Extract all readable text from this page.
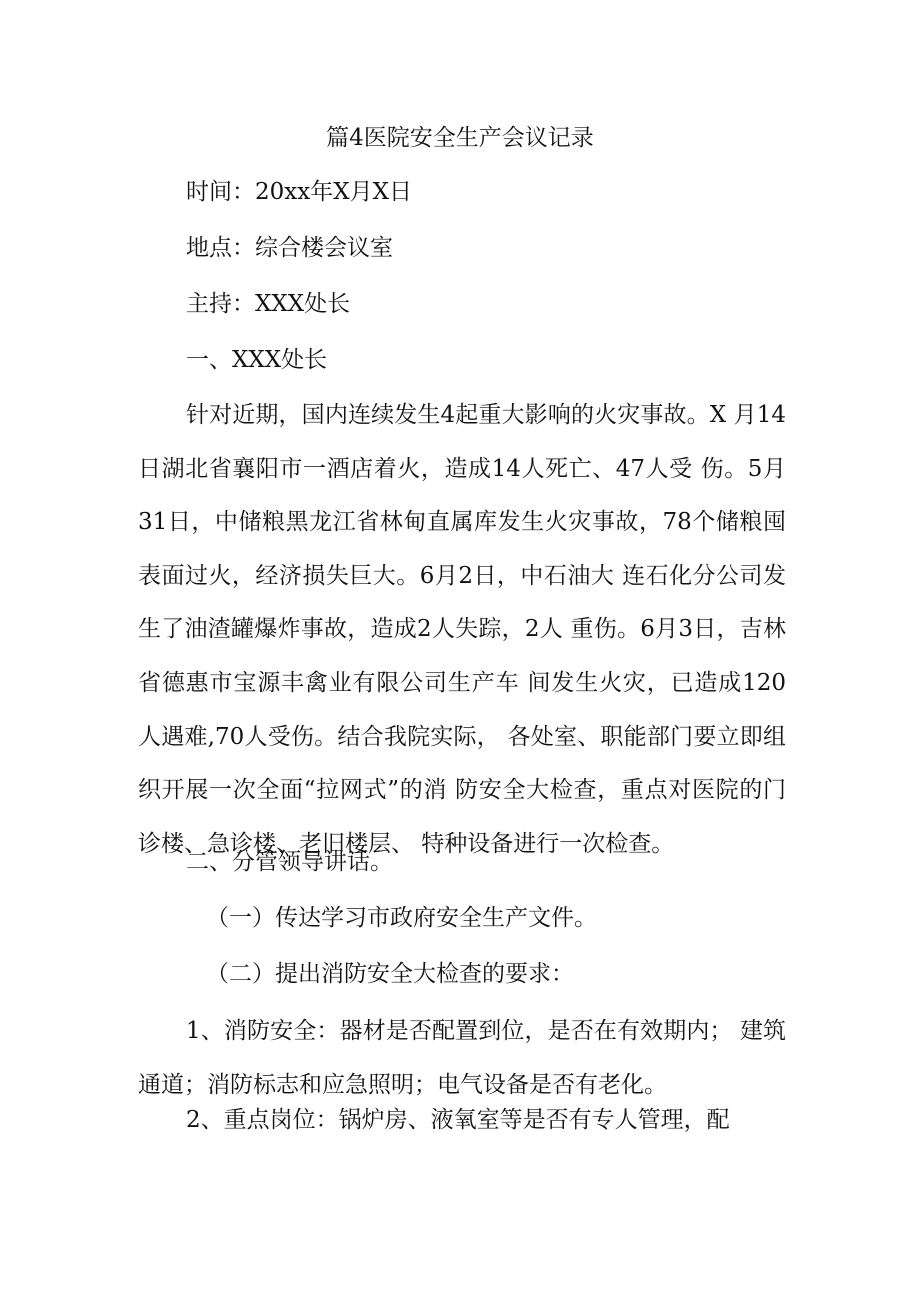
篇4医院安全生产会议记录
时间：20xx年X月X日
地点：综合楼会议室
主持：XXX处长
一、XXX处长
针对近期，国内连续发生4起重大影响的火灾事故。X 月14日湖北省襄阳市一酒店着火，造成14人死亡、47人受 伤。5月31日，中储粮黑龙江省林甸直属库发生火灾事故，78个储粮囤表面过火，经济损失巨大。6月2日，中石油大 连石化分公司发生了油渣罐爆炸事故，造成2人失踪，2人 重伤。6月3日，吉林省德惠市宝源丰禽业有限公司生产车 间发生火灾，已造成120人遇难,70人受伤。结合我院实际， 各处室、职能部门要立即组织开展一次全面“拉网式”的消 防安全大检查，重点对医院的门诊楼、急诊楼、老旧楼层、 特种设备进行一次检查。
二、分管领导讲话。
（一）传达学习市政府安全生产文件。
（二）提出消防安全大检查的要求：
1、消防安全：器材是否配置到位，是否在有效期内； 建筑通道；消防标志和应急照明；电气设备是否有老化。
2、重点岗位：锅炉房、液氧室等是否有专人管理，配
